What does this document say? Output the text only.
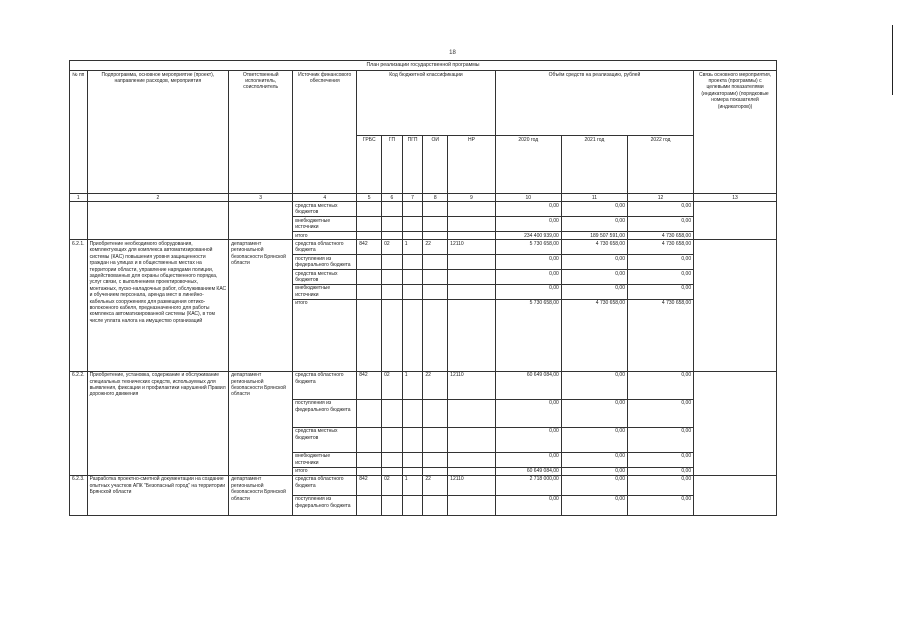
18
План реализации государственной программы												
№ пп	Подпрограмма, основное мероприятие (проект), направление расходов, мероприятия	Ответственный исполнитель, соисполнитель	Источник финансового обеспечения	Код бюджетной классификации					Объём средств на реализацию, рублей			Связь основного мероприятия, проекта (программы) с целевыми показателями (индикаторами) (порядковые номера показателей (индикаторов))
				ГРБС	ГП	ПГП	ОИ	НР	2020 год	2021 год	2022 год	
1	2	3	4	5	6	7	8	9	10	11	12	13
			средства местных бюджетов						0,00	0,00	0,00	
			внебюджетные источники						0,00	0,00	0,00	
			итого						234 400 939,00	189 507 591,00	4 730 658,00	
6.2.1.	Приобретение необходимого оборудования, комплектующих для комплекса автоматизированной системы (КАС) повышения уровня защищенности граждан на улицах и в общественных местах на территории области, управление нарядами полиции, задействованных для охраны общественного порядка, услуг связи, с выполнением проектировочных, монтажных, пуско-наладочных работ, обслуживанием КАС и обучением персонала, аренда мест в линейно-кабельных сооружениях для размещения оптико-волоконного кабеля, предназначенного для работы комплекса автоматизированной системы (КАС), в том числе уплата налога на имущество организаций	департамент региональной безопасности Брянской области	средства областного бюджета	842	02	1	22	12110	5 730 658,00	4 730 658,00	4 730 658,00	
			поступления из федерального бюджета						0,00	0,00	0,00	
			средства местных бюджетов						0,00	0,00	0,00	
			внебюджетные источники						0,00	0,00	0,00	
			итого						5 730 658,00	4 730 658,00	4 730 658,00	
6.2.2.	Приобретение, установка, содержание и обслуживание специальных технических средств, используемых для выявления, фиксации и профилактики нарушений Правил дорожного движения	департамент региональной безопасности Брянской области	средства областного бюджета	842	02	1	22	12110	60 649 084,00	0,00	0,00	
			поступления из федерального бюджета						0,00	0,00	0,00	
			средства местных бюджетов						0,00	0,00	0,00	
			внебюджетные источники						0,00	0,00	0,00	
			итого						60 649 084,00	0,00	0,00	
6.2.3.	Разработка проектно-сметной документации на создание опытных участков АПК "Безопасный город" на территории Брянской области	департамент региональной безопасности Брянской области	средства областного бюджета	842	02	1	22	12110	2 718 000,00	0,00	0,00	
			поступления из федерального бюджета						0,00	0,00	0,00	
